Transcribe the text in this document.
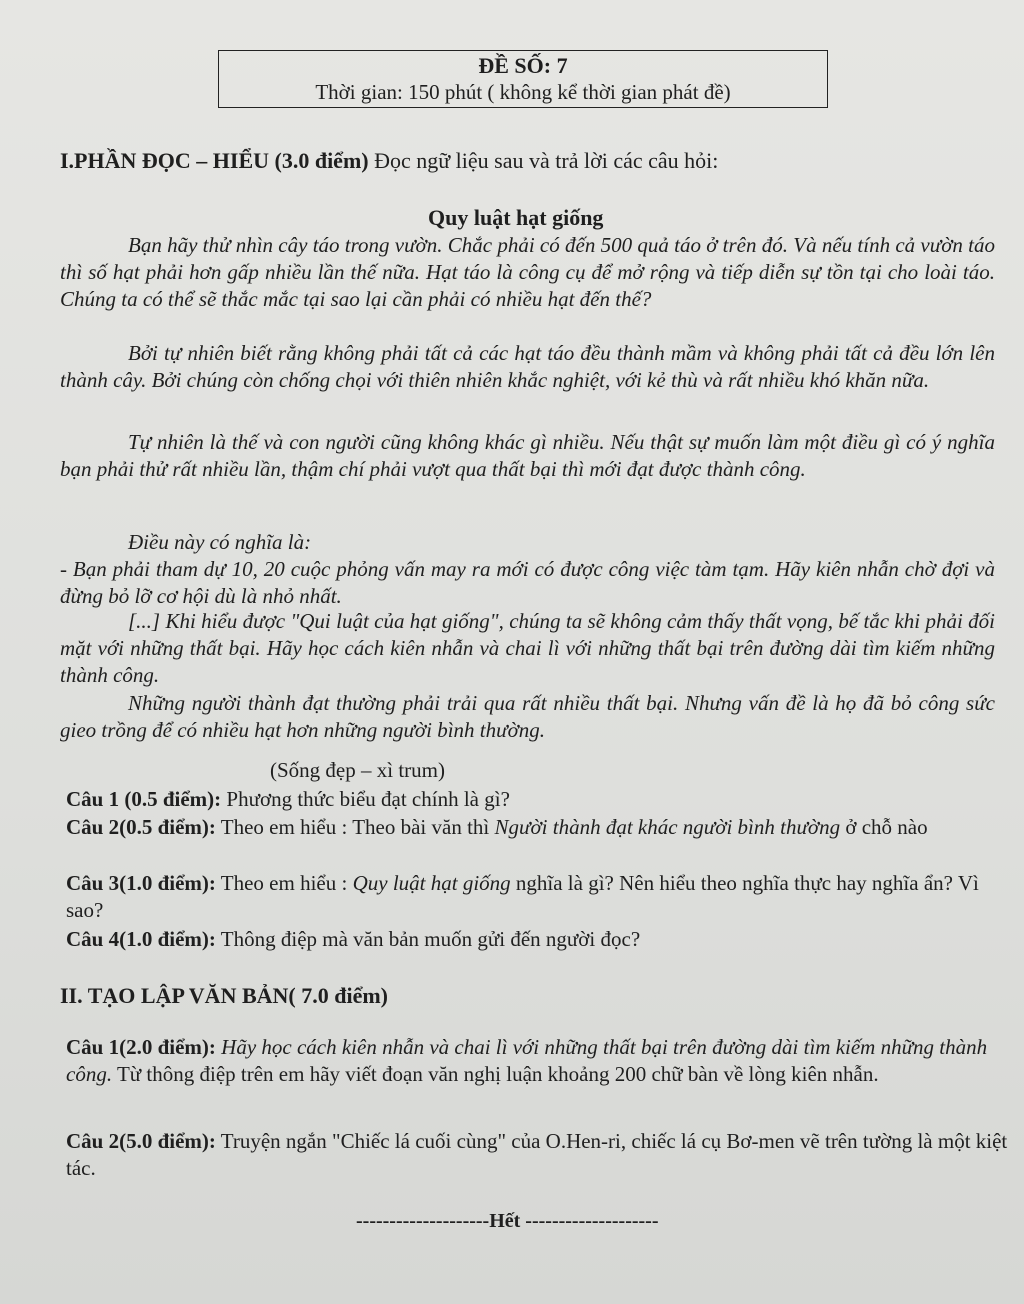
ĐỀ SỐ: 7
Thời gian: 150 phút ( không kể thời gian phát đề)
I.PHẦN ĐỌC – HIỂU (3.0 điểm) Đọc ngữ liệu sau và trả lời các câu hỏi:
Quy luật hạt giống
Bạn hãy thử nhìn cây táo trong vườn. Chắc phải có đến 500 quả táo ở trên đó. Và nếu tính cả vườn táo thì số hạt phải hơn gấp nhiều lần thế nữa. Hạt táo là công cụ để mở rộng và tiếp diễn sự tồn tại cho loài táo. Chúng ta có thể sẽ thắc mắc tại sao lại cần phải có nhiều hạt đến thế?
Bởi tự nhiên biết rằng không phải tất cả các hạt táo đều thành mầm và không phải tất cả đều lớn lên thành cây. Bởi chúng còn chống chọi với thiên nhiên khắc nghiệt, với kẻ thù và rất nhiều khó khăn nữa.
Tự nhiên là thế và con người cũng không khác gì nhiều. Nếu thật sự muốn làm một điều gì có ý nghĩa bạn phải thử rất nhiều lần, thậm chí phải vượt qua thất bại thì mới đạt được thành công.
Điều này có nghĩa là:
- Bạn phải tham dự 10, 20 cuộc phỏng vấn may ra mới có được công việc tàm tạm. Hãy kiên nhẫn chờ đợi và đừng bỏ lỡ cơ hội dù là nhỏ nhất.
[...] Khi hiểu được "Qui luật của hạt giống", chúng ta sẽ không cảm thấy thất vọng, bế tắc khi phải đối mặt với những thất bại. Hãy học cách kiên nhẫn và chai lì với những thất bại trên đường dài tìm kiếm những thành công.
Những người thành đạt thường phải trải qua rất nhiều thất bại. Nhưng vấn đề là họ đã bỏ công sức gieo trồng để có nhiều hạt hơn những người bình thường.
(Sống đẹp – xì trum)
Câu 1 (0.5 điểm): Phương thức biểu đạt chính là gì?
Câu 2(0.5 điểm): Theo em hiểu : Theo bài văn thì Người thành đạt khác người bình thường ở chỗ nào
Câu 3(1.0 điểm): Theo em hiểu : Quy luật hạt giống nghĩa là gì? Nên hiểu theo nghĩa thực hay nghĩa ẩn? Vì sao?
Câu 4(1.0 điểm): Thông điệp mà văn bản muốn gửi đến người đọc?
II. TẠO LẬP VĂN BẢN( 7.0 điểm)
Câu 1(2.0 điểm): Hãy học cách kiên nhẫn và chai lì với những thất bại trên đường dài tìm kiếm những thành công. Từ thông điệp trên em hãy viết đoạn văn nghị luận khoảng 200 chữ bàn về lòng kiên nhẫn.
Câu 2(5.0 điểm): Truyện ngắn "Chiếc lá cuối cùng" của O.Hen-ri, chiếc lá cụ Bơ-men vẽ trên tường là một kiệt tác.
--------------------Hết --------------------
